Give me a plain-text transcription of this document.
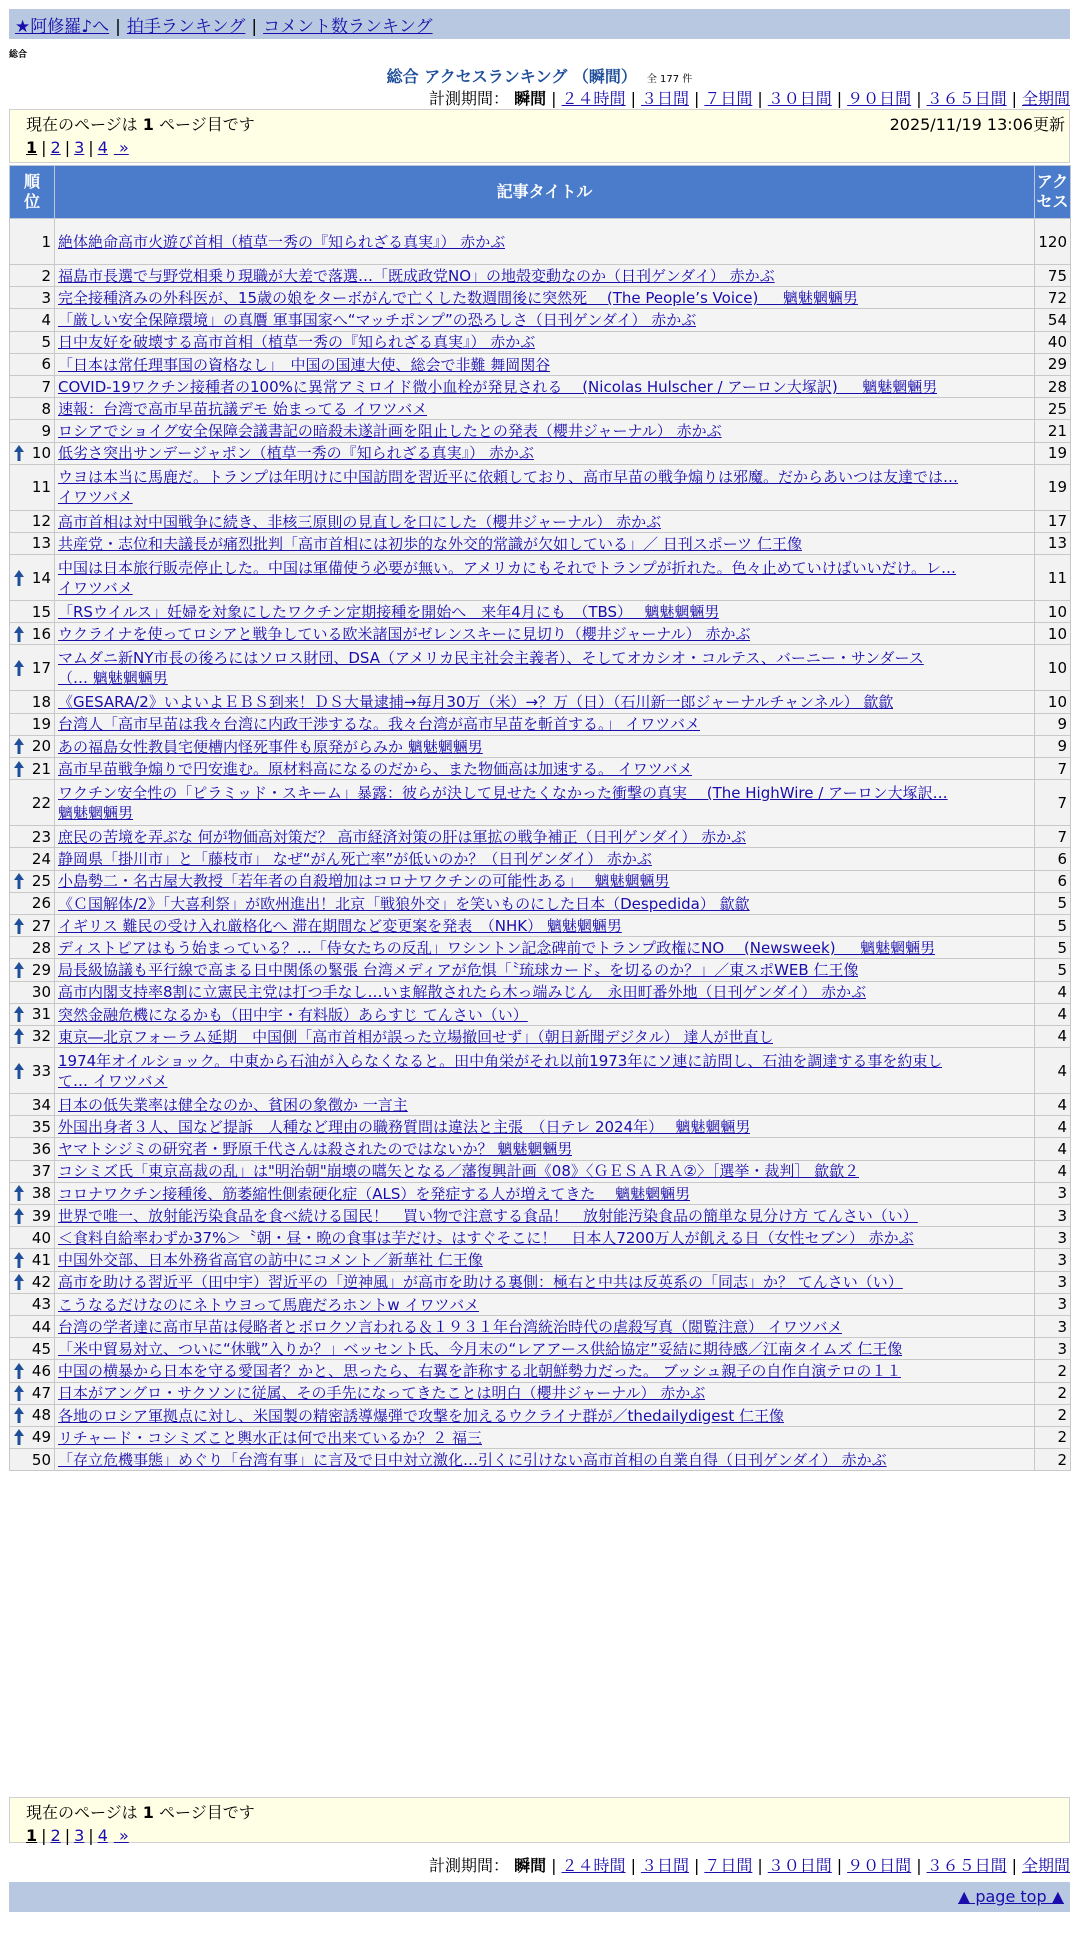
★阿修羅♪へ | 拍手ランキング | コメント数ランキング
総合
総合 アクセスランキング （瞬間） 全 177 件
計測期間： 瞬間 | ２４時間 | ３日間 | ７日間 | ３０日間 | ９０日間 | ３６５日間 | 全期間
現在のページは 1 ページ目です	2025/11/19 13:06更新
1 | 2 | 3 | 4 »
順位	記事タイトル	アクセス
1	絶体絶命高市火遊び首相（植草一秀の『知られざる真実』） 赤かぶ	120
2	福島市長選で与野党相乗り現職が大差で落選…「既成政党NO」の地殻変動なのか（日刊ゲンダイ） 赤かぶ	75
3	完全接種済みの外科医が、15歳の娘をターボがんで亡くした数週間後に突然死 　(The People’s Voice) 　 魑魅魍魎男	72
4	「厳しい安全保障環境」の真贋 軍事国家へ“マッチポンプ”の恐ろしさ（日刊ゲンダイ） 赤かぶ	54
5	日中友好を破壊する高市首相（植草一秀の『知られざる真実』） 赤かぶ	40
6	「日本は常任理事国の資格なし」　中国の国連大使、総会で非難 舞岡関谷	29
7	COVID-19ワクチン接種者の100%に異常アミロイド微小血栓が発見される 　(Nicolas Hulscher / アーロン大塚訳) 　 魑魅魍魎男	28
8	速報：台湾で高市早苗抗議デモ 始まってる イワツバメ	25
9	ロシアでショイグ安全保障会議書記の暗殺未遂計画を阻止したとの発表（櫻井ジャーナル） 赤かぶ	21

10	低劣さ突出サンデージャポン（植草一秀の『知られざる真実』） 赤かぶ	19
11	ウヨは本当に馬鹿だ。トランプは年明けに中国訪問を習近平に依頼しており、高市早苗の戦争煽りは邪魔。だからあいつは友達では…
イワツバメ	19
12	高市首相は対中国戦争に続き、非核三原則の見直しを口にした（櫻井ジャーナル） 赤かぶ	17
13	共産党・志位和夫議長が痛烈批判「高市首相には初歩的な外交的常識が欠如している」／ 日刊スポーツ 仁王像	13

14	中国は日本旅行販売停止した。中国は軍備使う必要が無い。アメリカにもそれでトランプが折れた。色々止めていけばいいだけ。レ…
イワツバメ	11
15	「RSウイルス」妊婦を対象にしたワクチン定期接種を開始へ　来年4月にも　（TBS）　 魑魅魍魎男	10

16	ウクライナを使ってロシアと戦争している欧米諸国がゼレンスキーに見切り（櫻井ジャーナル） 赤かぶ	10

17	マムダニ新NY市長の後ろにはソロス財団、DSA（アメリカ民主社会主義者）、そしてオカシオ・コルテス、バーニー・サンダース
（… 魑魅魍魎男	10
18	《GESARA/2》いよいよＥＢＳ到来！ＤＳ大量逮捕→毎月30万（米）→？万（日）（石川新一郎ジャーナルチャンネル） 歙歙	10
19	台湾人「高市早苗は我々台湾に内政干渉するな。我々台湾が高市早苗を斬首する。」 イワツバメ	9

20	あの福島女性教員宅便槽内怪死事件も原発がらみか 魑魅魍魎男	9

21	高市早苗戦争煽りで円安進む。原材料高になるのだから、また物価高は加速する。 イワツバメ	7
22	ワクチン安全性の「ピラミッド・スキーム」暴露：彼らが決して見せたくなかった衝撃の真実 　(The HighWire / アーロン大塚訳…
魑魅魍魎男	7
23	庶民の苦境を弄ぶな 何が物価高対策だ？ 高市経済対策の肝は軍拡の戦争補正（日刊ゲンダイ） 赤かぶ	7
24	静岡県「掛川市」と「藤枝市」 なぜ“がん死亡率”が低いのか？（日刊ゲンダイ） 赤かぶ	6

25	小島勢二・名古屋大教授「若年者の自殺増加はコロナワクチンの可能性ある」　 魑魅魍魎男	6
26	《Ｃ国解体/2》「大喜利祭」が欧州進出！北京「戦狼外交」を笑いものにした日本（Despedida） 歙歙	5

27	イギリス 難民の受け入れ厳格化へ 滞在期間など変更案を発表　（NHK） 魑魅魍魎男	5
28	ディストピアはもう始まっている？…「侍女たちの反乱」ワシントン記念碑前でトランプ政権にNO 　(Newsweek) 　 魑魅魍魎男	5

29	局長級協議も平行線で高まる日中関係の緊張 台湾メディアが危惧「〝琉球カード〟を切るのか？」／東スポWEB 仁王像	5
30	高市内閣支持率8割に立憲民主党は打つ手なし…いま解散されたら木っ端みじん　永田町番外地（日刊ゲンダイ） 赤かぶ	4

31	突然金融危機になるかも（田中宇・有料版）あらすじ てんさい（い）	4

32	東京―北京フォーラム延期　中国側「高市首相が誤った立場撤回せず」（朝日新聞デジタル） 達人が世直し	4

33	1974年オイルショック。中東から石油が入らなくなると。田中角栄がそれ以前1973年にソ連に訪問し、石油を調達する事を約束し
て… イワツバメ	4
34	日本の低失業率は健全なのか、貧困の象徴か 一言主	4
35	外国出身者３人、国など提訴　人種など理由の職務質問は違法と主張　（日テレ 2024年）　 魑魅魍魎男	4
36	ヤマトシジミの研究者・野原千代さんは殺されたのではないか？ 魑魅魍魎男	4
37	コシミズ氏「東京高裁の乱」は"明治朝"崩壊の嚆矢となる／藩復興計画《08》〈ＧＥＳＡＲＡ②〉［選挙・裁判］ 歙歙２	4

38	コロナワクチン接種後、筋萎縮性側索硬化症（ALS）を発症する人が増えてきた　 魑魅魍魎男	3

39	世界で唯一、放射能汚染食品を食べ続ける国民！　買い物で注意する食品！　放射能汚染食品の簡単な見分け方 てんさい（い）	3
40	＜食料自給率わずか37%＞〝朝・昼・晩の食事は芋だけ〟はすぐそこに！　日本人7200万人が飢える日（女性セブン） 赤かぶ	3

41	中国外交部、日本外務省高官の訪中にコメント／新華社 仁王像	3

42	高市を助ける習近平（田中宇）習近平の「逆神風」が高市を助ける裏側：極右と中共は反英系の「同志」か？ てんさい（い）	3
43	こうなるだけなのにネトウヨって馬鹿だろホントw イワツバメ	3
44	台湾の学者達に高市早苗は侵略者とボロクソ言われる＆１９３１年台湾統治時代の虐殺写真（閲覧注意） イワツバメ	3
45	「米中貿易対立、ついに“休戦”入りか？」ベッセント氏、今月末の“レアアース供給協定”妥結に期待感／江南タイムズ 仁王像	3

46	中国の横暴から日本を守る愛国者？かと、思ったら、右翼を詐称する北朝鮮勢力だった。 ブッシュ親子の自作自演テロの１１	2

47	日本がアングロ・サクソンに従属、その手先になってきたことは明白（櫻井ジャーナル） 赤かぶ	2

48	各地のロシア軍拠点に対し、米国製の精密誘導爆弾で攻撃を加えるウクライナ群が／thedailydigest 仁王像	2

49	リチャード・コシミズこと輿水正は何で出来ているか？２ 福三	2
50	「存立危機事態」めぐり「台湾有事」に言及で日中対立激化…引くに引けない高市首相の自業自得（日刊ゲンダイ） 赤かぶ	2
現在のページは 1 ページ目です
1 | 2 | 3 | 4 »
計測期間： 瞬間 | ２４時間 | ３日間 | ７日間 | ３０日間 | ９０日間 | ３６５日間 | 全期間
▲ page top ▲
